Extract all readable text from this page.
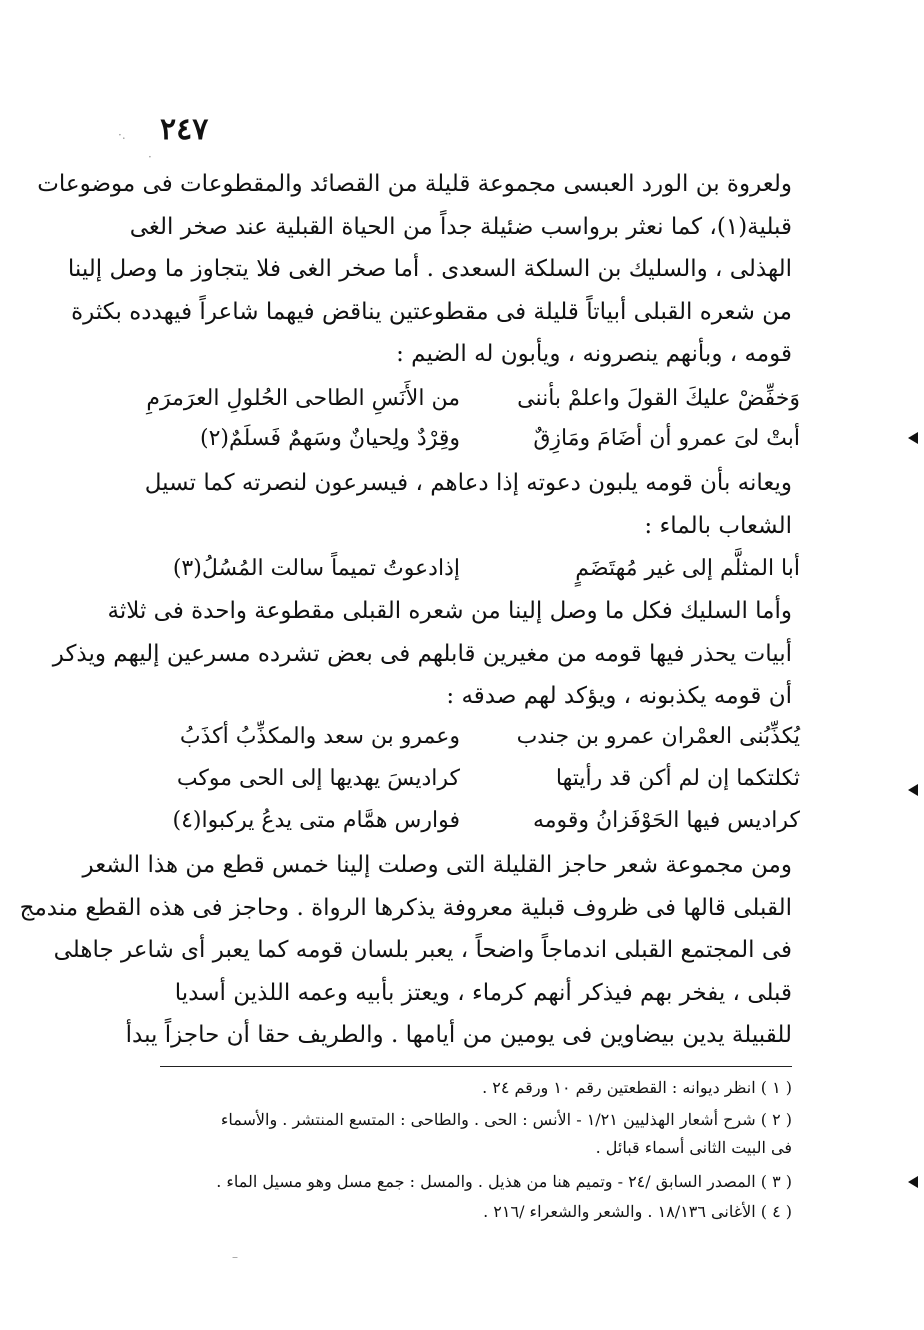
٢٤٧
·.
·
–
ولعروة بن الورد العبسى مجموعة قليلة من القصائد والمقطوعات فى موضوعات
قبلية(١)، كما نعثر برواسب ضئيلة جداً من الحياة القبلية عند صخر الغى
الهذلى ، والسليك بن السلكة السعدى . أما صخر الغى فلا يتجاوز ما وصل إلينا
من شعره القبلى أبياتاً قليلة فى مقطوعتين يناقض فيهما شاعراً فيهدده بكثرة
قومه ، وبأنهم ينصرونه ، ويأبون له الضيم :
وَخفِّضْ عليكَ القولَ واعلمْ بأننى
من الأَنَسِ الطاحى الحُلولِ العرَمرَمِ
أبتْ لىَ عمرو أن أضَامَ ومَازِقٌ
وقِرْدٌ ولِحيانٌ وسَهمٌ فَسلَمٌ(٢)
ويعانه بأن قومه يلبون دعوته إذا دعاهم ، فيسرعون لنصرته كما تسيل
الشعاب بالماء :
أبا المثلَّم إلى غير مُهتَضَمٍ
إذادعوتُ تميماً سالت المُسُلُ(٣)
وأما السليك فكل ما وصل إلينا من شعره القبلى مقطوعة واحدة فى ثلاثة
أبيات يحذر فيها قومه من مغيرين قابلهم فى بعض تشرده مسرعين إليهم ويذكر
أن قومه يكذبونه ، ويؤكد لهم صدقه :
يُكذِّبُنى العمْران عمرو بن جندب
وعمرو بن سعد والمكذِّبُ أكذَبُ
ثكلتكما إن لم أكن قد رأيتها
كراديسَ يهديها إلى الحى موكب
كراديس فيها الحَوْفَزانُ وقومه
فوارس همَّام متى يدعُ يركبوا(٤)
ومن مجموعة شعر حاجز القليلة التى وصلت إلينا خمس قطع من هذا الشعر
القبلى قالها فى ظروف قبلية معروفة يذكرها الرواة . وحاجز فى هذه القطع مندمج
فى المجتمع القبلى اندماجاً واضحاً ، يعبر بلسان قومه كما يعبر أى شاعر جاهلى
قبلى ، يفخر بهم فيذكر أنهم كرماء ، ويعتز بأبيه وعمه اللذين أسديا
للقبيلة يدين بيضاوين فى يومين من أيامها . والطريف حقا أن حاجزاً يبدأ
( ١ ) انظر ديوانه : القطعتين رقم ١٠ ورقم ٢٤ .
( ٢ ) شرح أشعار الهذليين ١/٢١ - الأنس : الحى . والطاحى : المتسع المنتشر . والأسماء
فى البيت الثانى أسماء قبائل .
( ٣ ) المصدر السابق /٢٤ - وتميم هنا من هذيل . والمسل : جمع مسل وهو مسيل الماء .
( ٤ ) الأغانى ١٨/١٣٦ . والشعر والشعراء /٢١٦ .
